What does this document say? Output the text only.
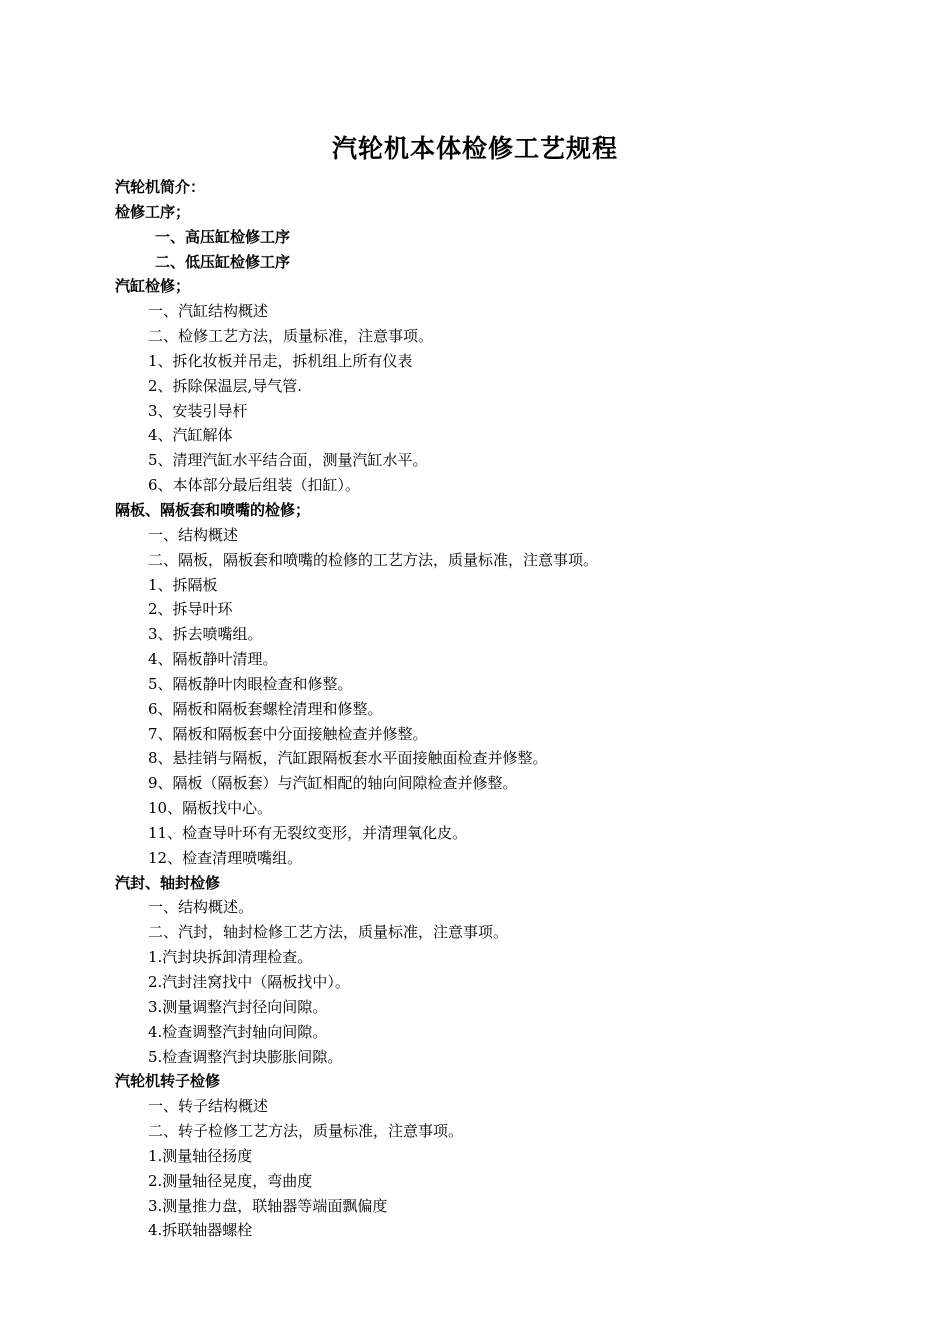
汽轮机本体检修工艺规程
汽轮机简介：
检修工序；
一、高压缸检修工序
二、低压缸检修工序
汽缸检修；
一、汽缸结构概述
二、检修工艺方法，质量标准，注意事项。
1、拆化妆板并吊走，拆机组上所有仪表
2、拆除保温层,导气管.
3、安装引导杆
4、汽缸解体
5、清理汽缸水平结合面，测量汽缸水平。
6、本体部分最后组装（扣缸）。
隔板、隔板套和喷嘴的检修；
一、结构概述
二、隔板，隔板套和喷嘴的检修的工艺方法，质量标准，注意事项。
1、拆隔板
2、拆导叶环
3、拆去喷嘴组。
4、隔板静叶清理。
5、隔板静叶肉眼检查和修整。
6、隔板和隔板套螺栓清理和修整。
7、隔板和隔板套中分面接触检查并修整。
8、悬挂销与隔板，汽缸跟隔板套水平面接触面检查并修整。
9、隔板（隔板套）与汽缸相配的轴向间隙检查并修整。
10、隔板找中心。
11、检查导叶环有无裂纹变形，并清理氧化皮。
12、检查清理喷嘴组。
汽封、轴封检修
一、结构概述。
二、汽封，轴封检修工艺方法，质量标准，注意事项。
1.汽封块拆卸清理检查。
2.汽封洼窝找中（隔板找中）。
3.测量调整汽封径向间隙。
4.检查调整汽封轴向间隙。
5.检查调整汽封块膨胀间隙。
汽轮机转子检修
一、转子结构概述
二、转子检修工艺方法，质量标准，注意事项。
1.测量轴径扬度
2.测量轴径晃度，弯曲度
3.测量推力盘，联轴器等端面飘偏度
4.拆联轴器螺栓
